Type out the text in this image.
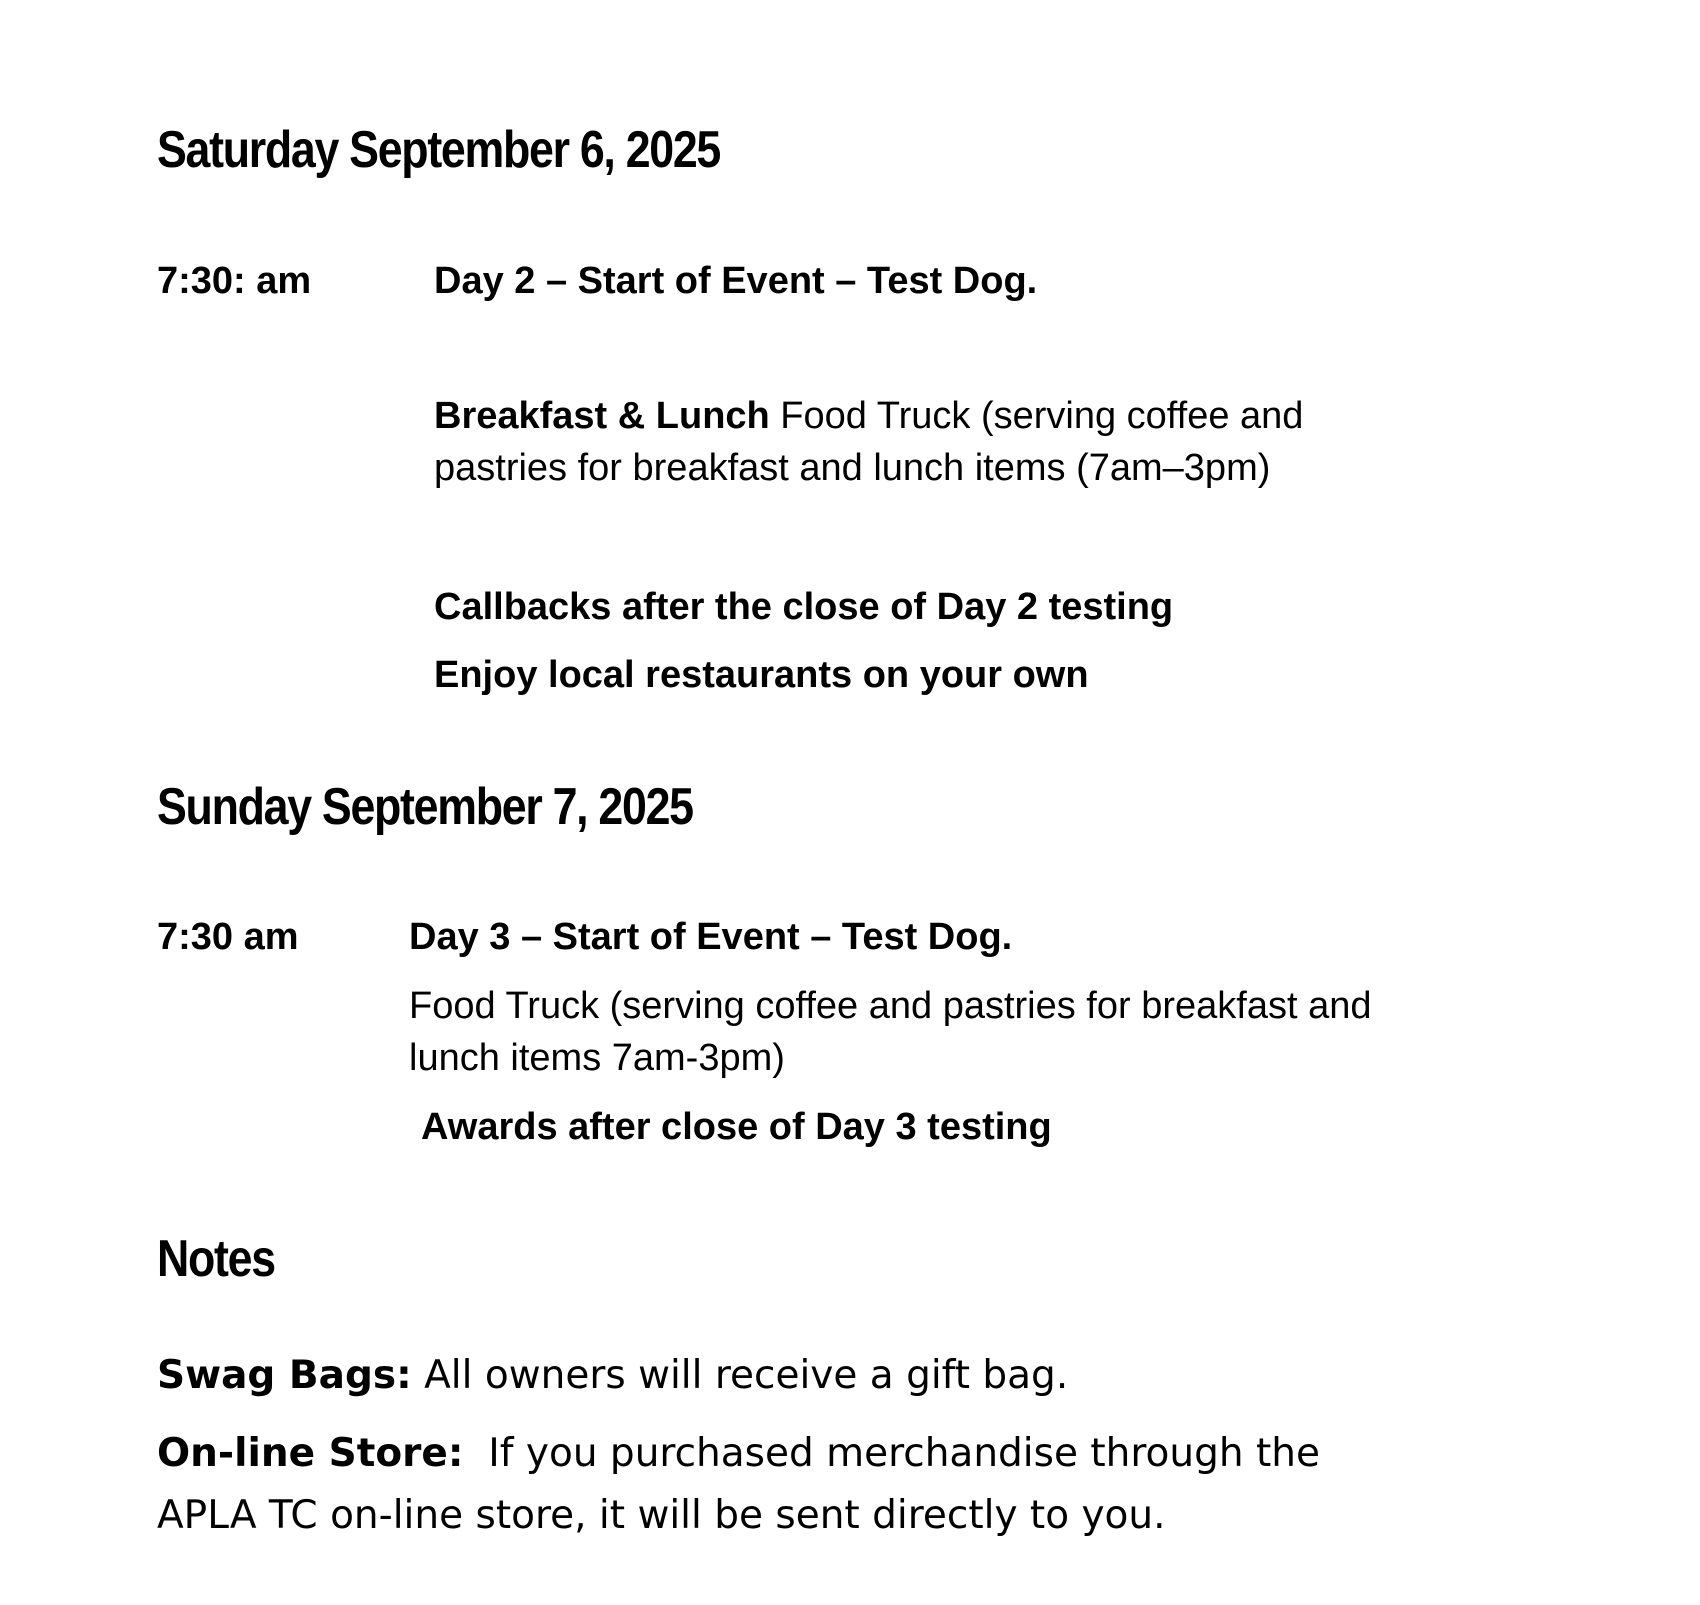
Saturday September 6, 2025
7:30: am	Day 2 – Start of Event – Test Dog.
Breakfast & Lunch Food Truck (serving coffee and
pastries for breakfast and lunch items (7am–3pm)
Callbacks after the close of Day 2 testing
Enjoy local restaurants on your own
Sunday September 7, 2025
7:30 am	Day 3 – Start of Event – Test Dog.
Food Truck (serving coffee and pastries for breakfast and
lunch items 7am-3pm)
Awards after close of Day 3 testing
Notes
Swag Bags: All owners will receive a gift bag.
On-line Store:  If you purchased merchandise through the
APLA TC on-line store, it will be sent directly to you.
